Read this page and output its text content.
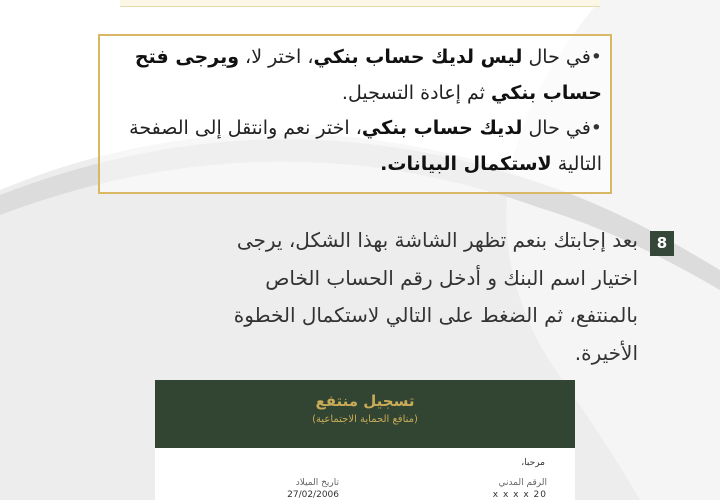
•في حال ليس لديك حساب بنكي، اختر لا، ويرجى فتح

حساب بنكي ثم إعادة التسجيل.

•في حال لديك حساب بنكي، اختر نعم وانتقل إلى الصفحة

التالية لاستكمال البيانات.

8
بعد إجابتك بنعم تظهر الشاشة بهذا الشكل، يرجى
اختيار اسم البنك و أدخل رقم الحساب الخاص
بالمنتفع، ثم الضغط على التالي لاستكمال الخطوة
الأخيرة.
تسجيل منتفع
(منافع الحماية الاجتماعية)
مرحبا،
الرقم المدني
تاريخ الميلاد
20 x x x x
27/02/2006
